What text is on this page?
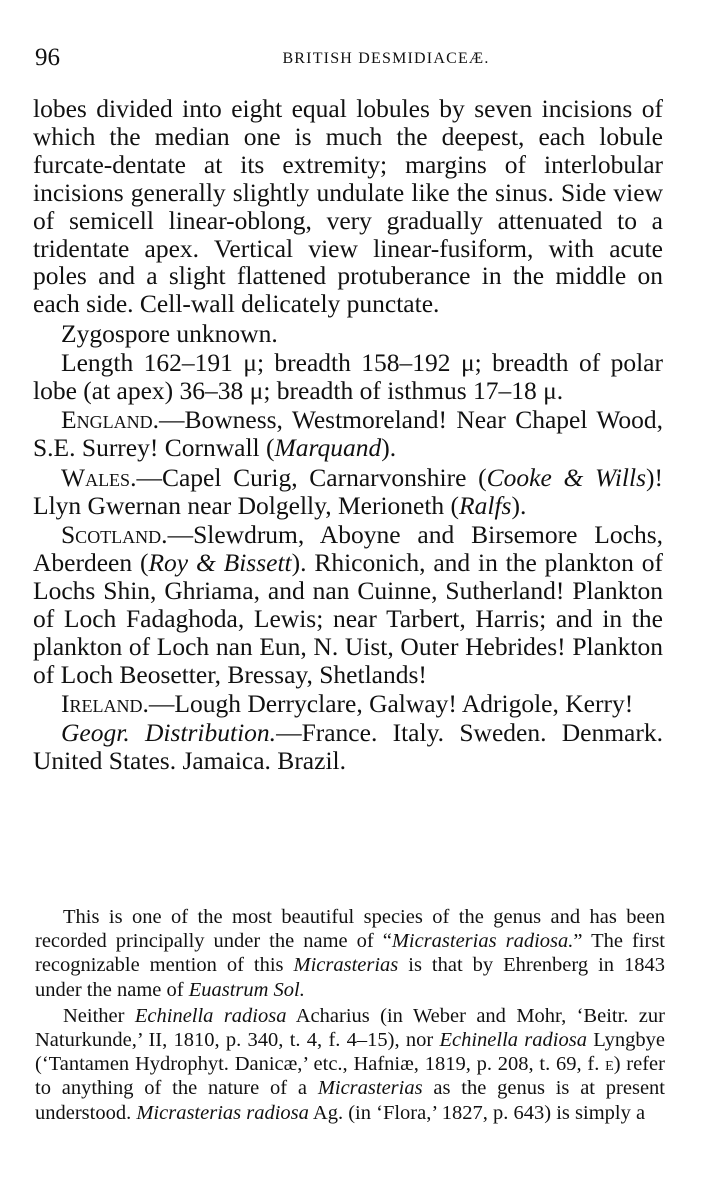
96	BRITISH DESMIDIACEÆ.

lobes divided into eight equal lobules by seven incisions of which the median one is much the deepest, each lobule furcate-dentate at its extremity; margins of interlobular incisions generally slightly undulate like the sinus. Side view of semicell linear-oblong, very gradually attenuated to a tridentate apex. Vertical view linear-fusiform, with acute poles and a slight flattened protuberance in the middle on each side. Cell-wall delicately punctate.

Zygospore unknown.

Length 162–191 μ; breadth 158–192 μ; breadth of polar lobe (at apex) 36–38 μ; breadth of isthmus 17–18 μ.

England.—Bowness, Westmoreland! Near Chapel Wood, S.E. Surrey! Cornwall (Marquand).

Wales.—Capel Curig, Carnarvonshire (Cooke & Wills)! Llyn Gwernan near Dolgelly, Merioneth (Ralfs).

Scotland.—Slewdrum, Aboyne and Birsemore Lochs, Aberdeen (Roy & Bissett). Rhiconich, and in the plankton of Lochs Shin, Ghriama, and nan Cuinne, Sutherland! Plankton of Loch Fadaghoda, Lewis; near Tarbert, Harris; and in the plankton of Loch nan Eun, N. Uist, Outer Hebrides! Plankton of Loch Beosetter, Bressay, Shetlands!

Ireland.—Lough Derryclare, Galway! Adrigole, Kerry!

Geogr. Distribution.—France. Italy. Sweden. Denmark. United States. Jamaica. Brazil.

This is one of the most beautiful species of the genus and has been recorded principally under the name of “Micrasterias radiosa.” The first recognizable mention of this Micrasterias is that by Ehrenberg in 1843 under the name of Euastrum Sol.

Neither Echinella radiosa Acharius (in Weber and Mohr, ‘Beitr. zur Naturkunde,’ II, 1810, p. 340, t. 4, f. 4–15), nor Echinella radiosa Lyngbye (‘Tantamen Hydrophyt. Danicæ,’ etc., Hafniæ, 1819, p. 208, t. 69, f. e) refer to anything of the nature of a Micrasterias as the genus is at present understood. Micrasterias radiosa Ag. (in ‘Flora,’ 1827, p. 643) is simply a
